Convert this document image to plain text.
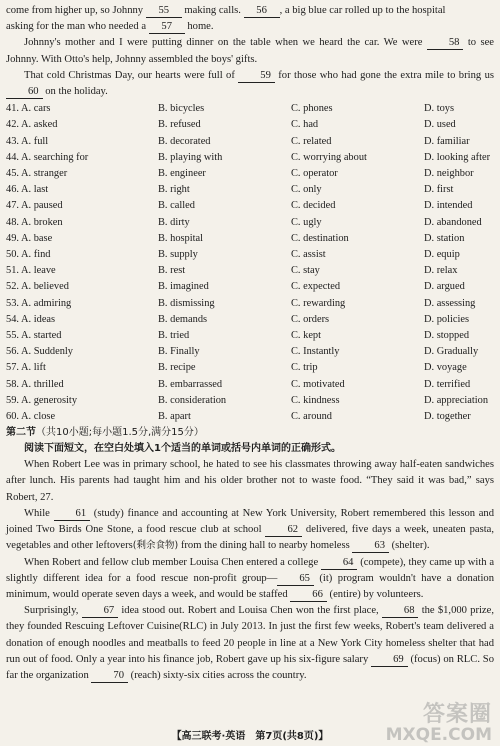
come from higher up, so Johnny 55 making calls. 56 , a big blue car rolled up to the hospital

asking for the man who needed a 57 home.

Johnny's mother and I were putting dinner on the table when we heard the car. We were 58 to see Johnny. With Otto's help, Johnny assembled the boys' gifts.

That cold Christmas Day, our hearts were full of 59 for those who had gone the extra mile to bring us 60 on the holiday.

41. A. cars	B. bicycles	C. phones	D. toys
42. A. asked	B. refused	C. had	D. used
43. A. full	B. decorated	C. related	D. familiar
44. A. searching for	B. playing with	C. worrying about	D. looking after
45. A. stranger	B. engineer	C. operator	D. neighbor
46. A. last	B. right	C. only	D. first
47. A. paused	B. called	C. decided	D. intended
48. A. broken	B. dirty	C. ugly	D. abandoned
49. A. base	B. hospital	C. destination	D. station
50. A. find	B. supply	C. assist	D. equip
51. A. leave	B. rest	C. stay	D. relax
52. A. believed	B. imagined	C. expected	D. argued
53. A. admiring	B. dismissing	C. rewarding	D. assessing
54. A. ideas	B. demands	C. orders	D. policies
55. A. started	B. tried	C. kept	D. stopped
56. A. Suddenly	B. Finally	C. Instantly	D. Gradually
57. A. lift	B. recipe	C. trip	D. voyage
58. A. thrilled	B. embarrassed	C. motivated	D. terrified
59. A. generosity	B. consideration	C. kindness	D. appreciation
60. A. close	B. apart	C. around	D. together

第二节（共10小题;每小题1.5分,满分15分）

阅读下面短文，在空白处填入1个适当的单词或括号内单词的正确形式。

When Robert Lee was in primary school, he hated to see his classmates throwing away half-eaten sandwiches after lunch. His parents had taught him and his older brother not to waste food. “They said it was bad,” says Robert, 27.

While 61 (study) finance and accounting at New York University, Robert remembered this lesson and joined Two Birds One Stone, a food rescue club at school 62 delivered, five days a week, uneaten pasta, vegetables and other leftovers(剩余食物) from the dining hall to nearby homeless 63 (shelter).

When Robert and fellow club member Louisa Chen entered a college 64 (compete), they came up with a slightly different idea for a food rescue non-profit group— 65 (it) program wouldn't have a donation minimum, would operate seven days a week, and would be staffed 66 (entire) by volunteers.

Surprisingly, 67 idea stood out. Robert and Louisa Chen won the first place, 68 the $1,000 prize, they founded Rescuing Leftover Cuisine(RLC) in July 2013. In just the first few weeks, Robert's team delivered a donation of enough noodles and meatballs to feed 20 people in line at a New York City homeless shelter that had run out of food. Only a year into his finance job, Robert gave up his six-figure salary 69 (focus) on RLC. So far the organization 70 (reach) sixty-six cities across the country.

【高三联考·英语　第7页(共8页)】
答案圈
MXQE.COM
